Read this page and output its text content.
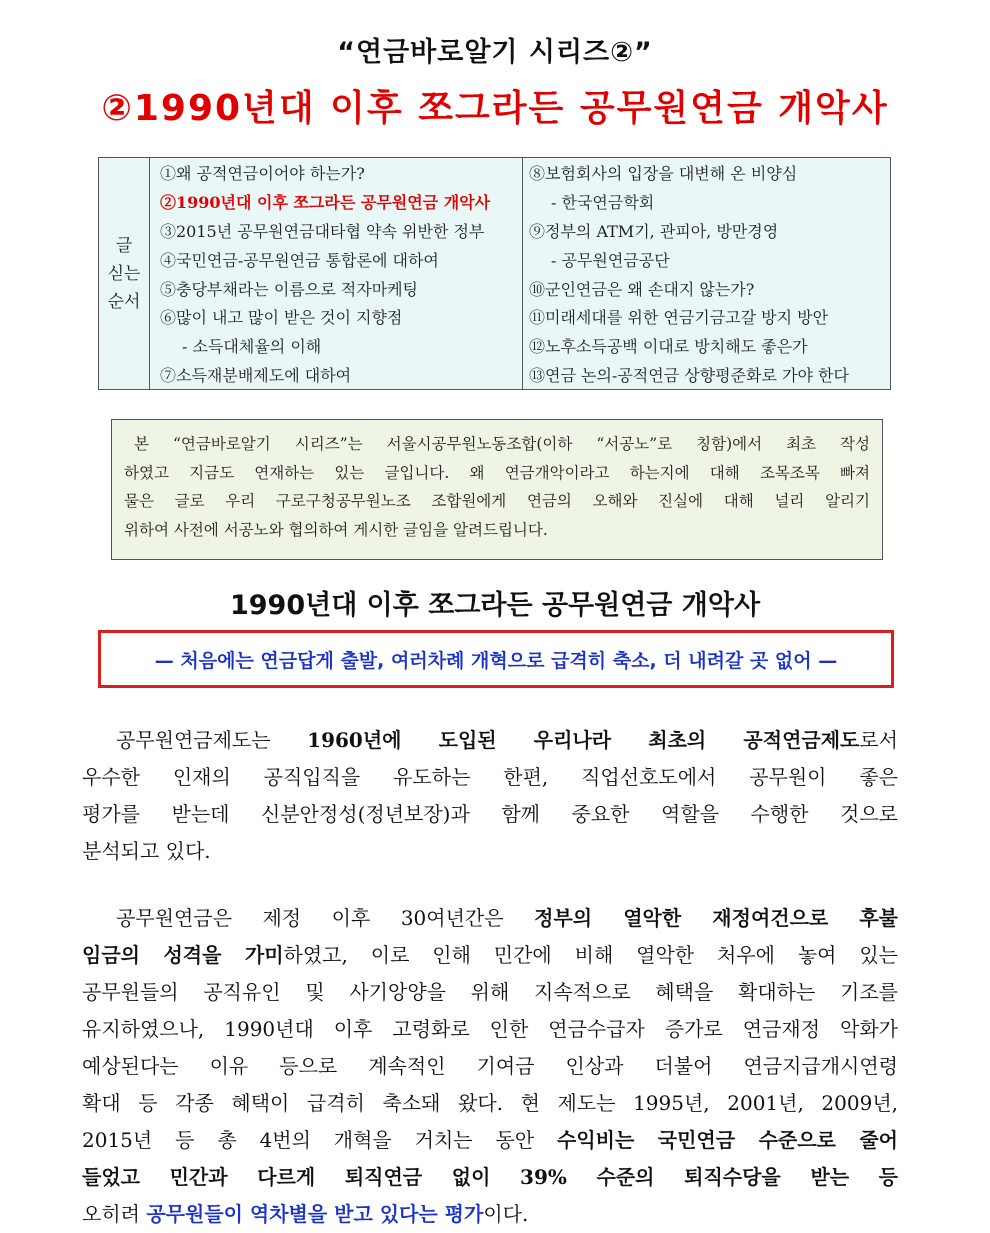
“연금바로알기 시리즈②”
②1990년대 이후 쪼그라든 공무원연금 개악사
글
싣는
순서
①왜 공적연금이어야 하는가?
②1990년대 이후 쪼그라든 공무원연금 개악사
③2015년 공무원연금대타협 약속 위반한 정부
④국민연금-공무원연금 통합론에 대하여
⑤충당부채라는 이름으로 적자마케팅
⑥많이 내고 많이 받은 것이 지향점
- 소득대체율의 이해
⑦소득재분배제도에 대하여
⑧보험회사의 입장을 대변해 온 비양심
- 한국연금학회
⑨정부의 ATM기, 관피아, 방만경영
- 공무원연금공단
⑩군인연금은 왜 손대지 않는가?
⑪미래세대를 위한 연금기금고갈 방지 방안
⑫노후소득공백 이대로 방치해도 좋은가
⑬연금 논의-공적연금 상향평준화로 가야 한다

본 “연금바로알기 시리즈”는 서울시공무원노동조합(이하 “서공노”로 칭함)에서 최초 작성

하였고 지금도 연재하는 있는 글입니다. 왜 연금개악이라고 하는지에 대해 조목조목 빠져

물은 글로 우리 구로구청공무원노조 조합원에게 연금의 오해와 진실에 대해 널리 알리기

위하여 사전에 서공노와 협의하여 게시한 글임을 알려드립니다.

1990년대 이후 쪼그라든 공무원연금 개악사
— 처음에는 연금답게 출발, 여러차례 개혁으로 급격히 축소, 더 내려갈 곳 없어 —
공무원연금제도는 1960년에 도입된 우리나라 최초의 공적연금제도로서
우수한 인재의 공직입직을 유도하는 한편, 직업선호도에서 공무원이 좋은
평가를 받는데 신분안정성(정년보장)과 함께 중요한 역할을 수행한 것으로
분석되고 있다.
공무원연금은 제정 이후 30여년간은 정부의 열악한 재정여건으로 후불
임금의 성격을 가미하였고, 이로 인해 민간에 비해 열악한 처우에 놓여 있는
공무원들의 공직유인 및 사기앙양을 위해 지속적으로 혜택을 확대하는 기조를
유지하였으나, 1990년대 이후 고령화로 인한 연금수급자 증가로 연금재정 악화가
예상된다는 이유 등으로 계속적인 기여금 인상과 더불어 연금지급개시연령
확대 등 각종 혜택이 급격히 축소돼 왔다. 현 제도는 1995년, 2001년, 2009년,
2015년 등 총 4번의 개혁을 거치는 동안 수익비는 국민연금 수준으로 줄어
들었고 민간과 다르게 퇴직연금 없이 39% 수준의 퇴직수당을 받는 등
오히려 공무원들이 역차별을 받고 있다는 평가이다.
